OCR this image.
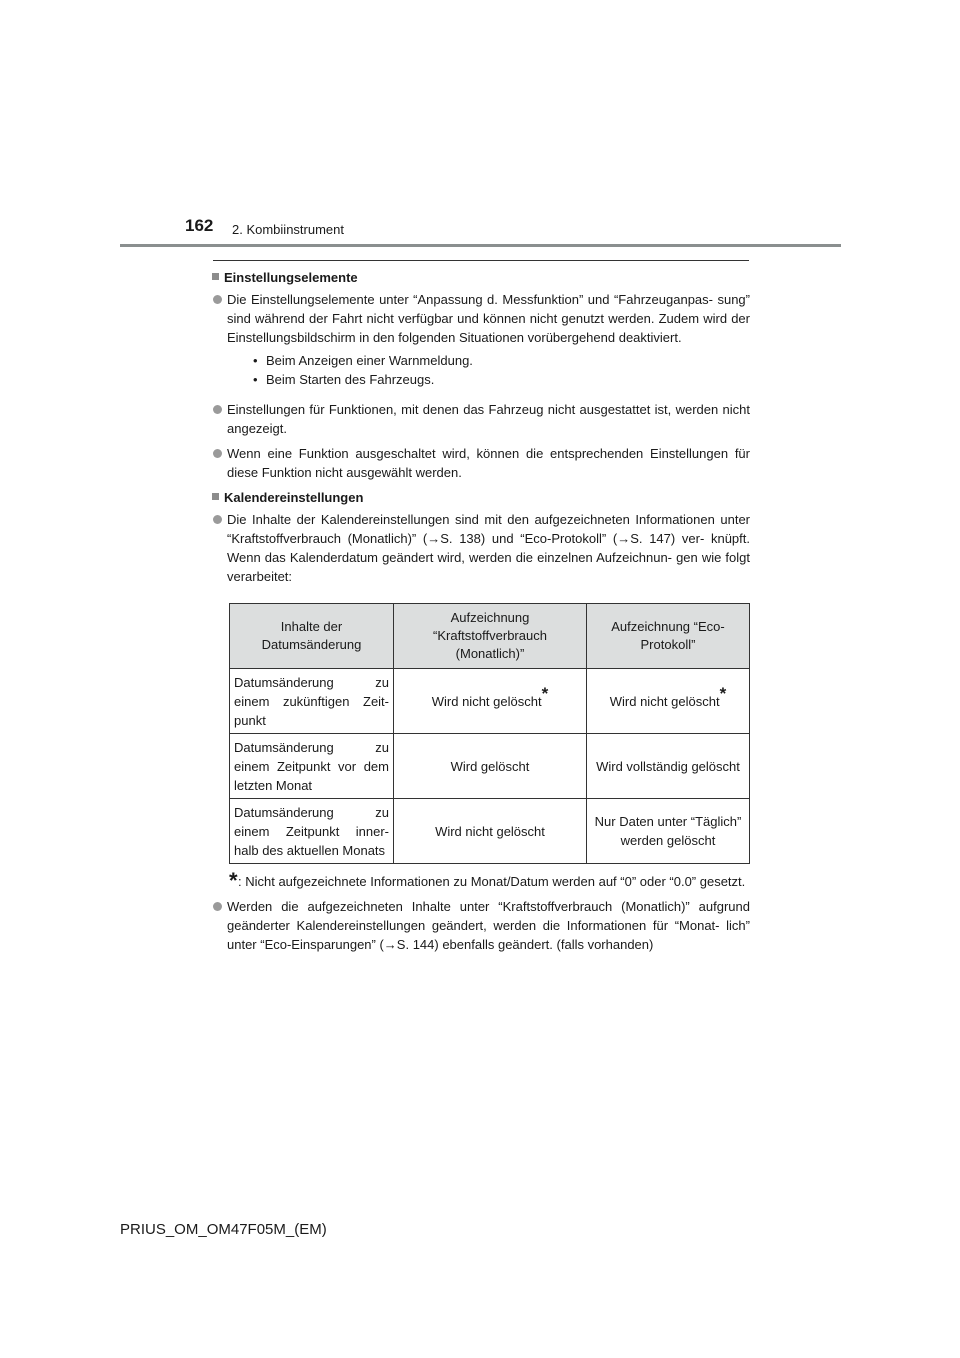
162 2. Kombiinstrument
Einstellungselemente
Die Einstellungselemente unter “Anpassung d. Messfunktion” und “Fahrzeuganpas- sung” sind während der Fahrt nicht verfügbar und können nicht genutzt werden. Zudem wird der Einstellungsbildschirm in den folgenden Situationen vorübergehend deaktiviert.
• Beim Anzeigen einer Warnmeldung.
• Beim Starten des Fahrzeugs.
Einstellungen für Funktionen, mit denen das Fahrzeug nicht ausgestattet ist, werden nicht angezeigt.
Wenn eine Funktion ausgeschaltet wird, können die entsprechenden Einstellungen für diese Funktion nicht ausgewählt werden.
Kalendereinstellungen
Die Inhalte der Kalendereinstellungen sind mit den aufgezeichneten Informationen unter “Kraftstoffverbrauch (Monatlich)” (→S. 138) und “Eco-Protokoll” (→S. 147) ver- knüpft. Wenn das Kalenderdatum geändert wird, werden die einzelnen Aufzeichnun- gen wie folgt verarbeitet:
Inhalte der Datumsänderung	Aufzeichnung “Kraftstoffverbrauch (Monatlich)”	Aufzeichnung “Eco-Protokoll”
Datumsänderung zu einem zukünftigen Zeit- punkt	Wird nicht gelöscht*	Wird nicht gelöscht*
Datumsänderung zu einem Zeitpunkt vor dem letzten Monat	Wird gelöscht	Wird vollständig gelöscht
Datumsänderung zu einem Zeitpunkt inner- halb des aktuellen Monats	Wird nicht gelöscht	Nur Daten unter “Täglich” werden gelöscht
* : Nicht aufgezeichnete Informationen zu Monat/Datum werden auf “0” oder “0.0” gesetzt.
Werden die aufgezeichneten Inhalte unter “Kraftstoffverbrauch (Monatlich)” aufgrund geänderter Kalendereinstellungen geändert, werden die Informationen für “Monat- lich” unter “Eco-Einsparungen” (→S. 144) ebenfalls geändert. (falls vorhanden)
PRIUS_OM_OM47F05M_(EM)
